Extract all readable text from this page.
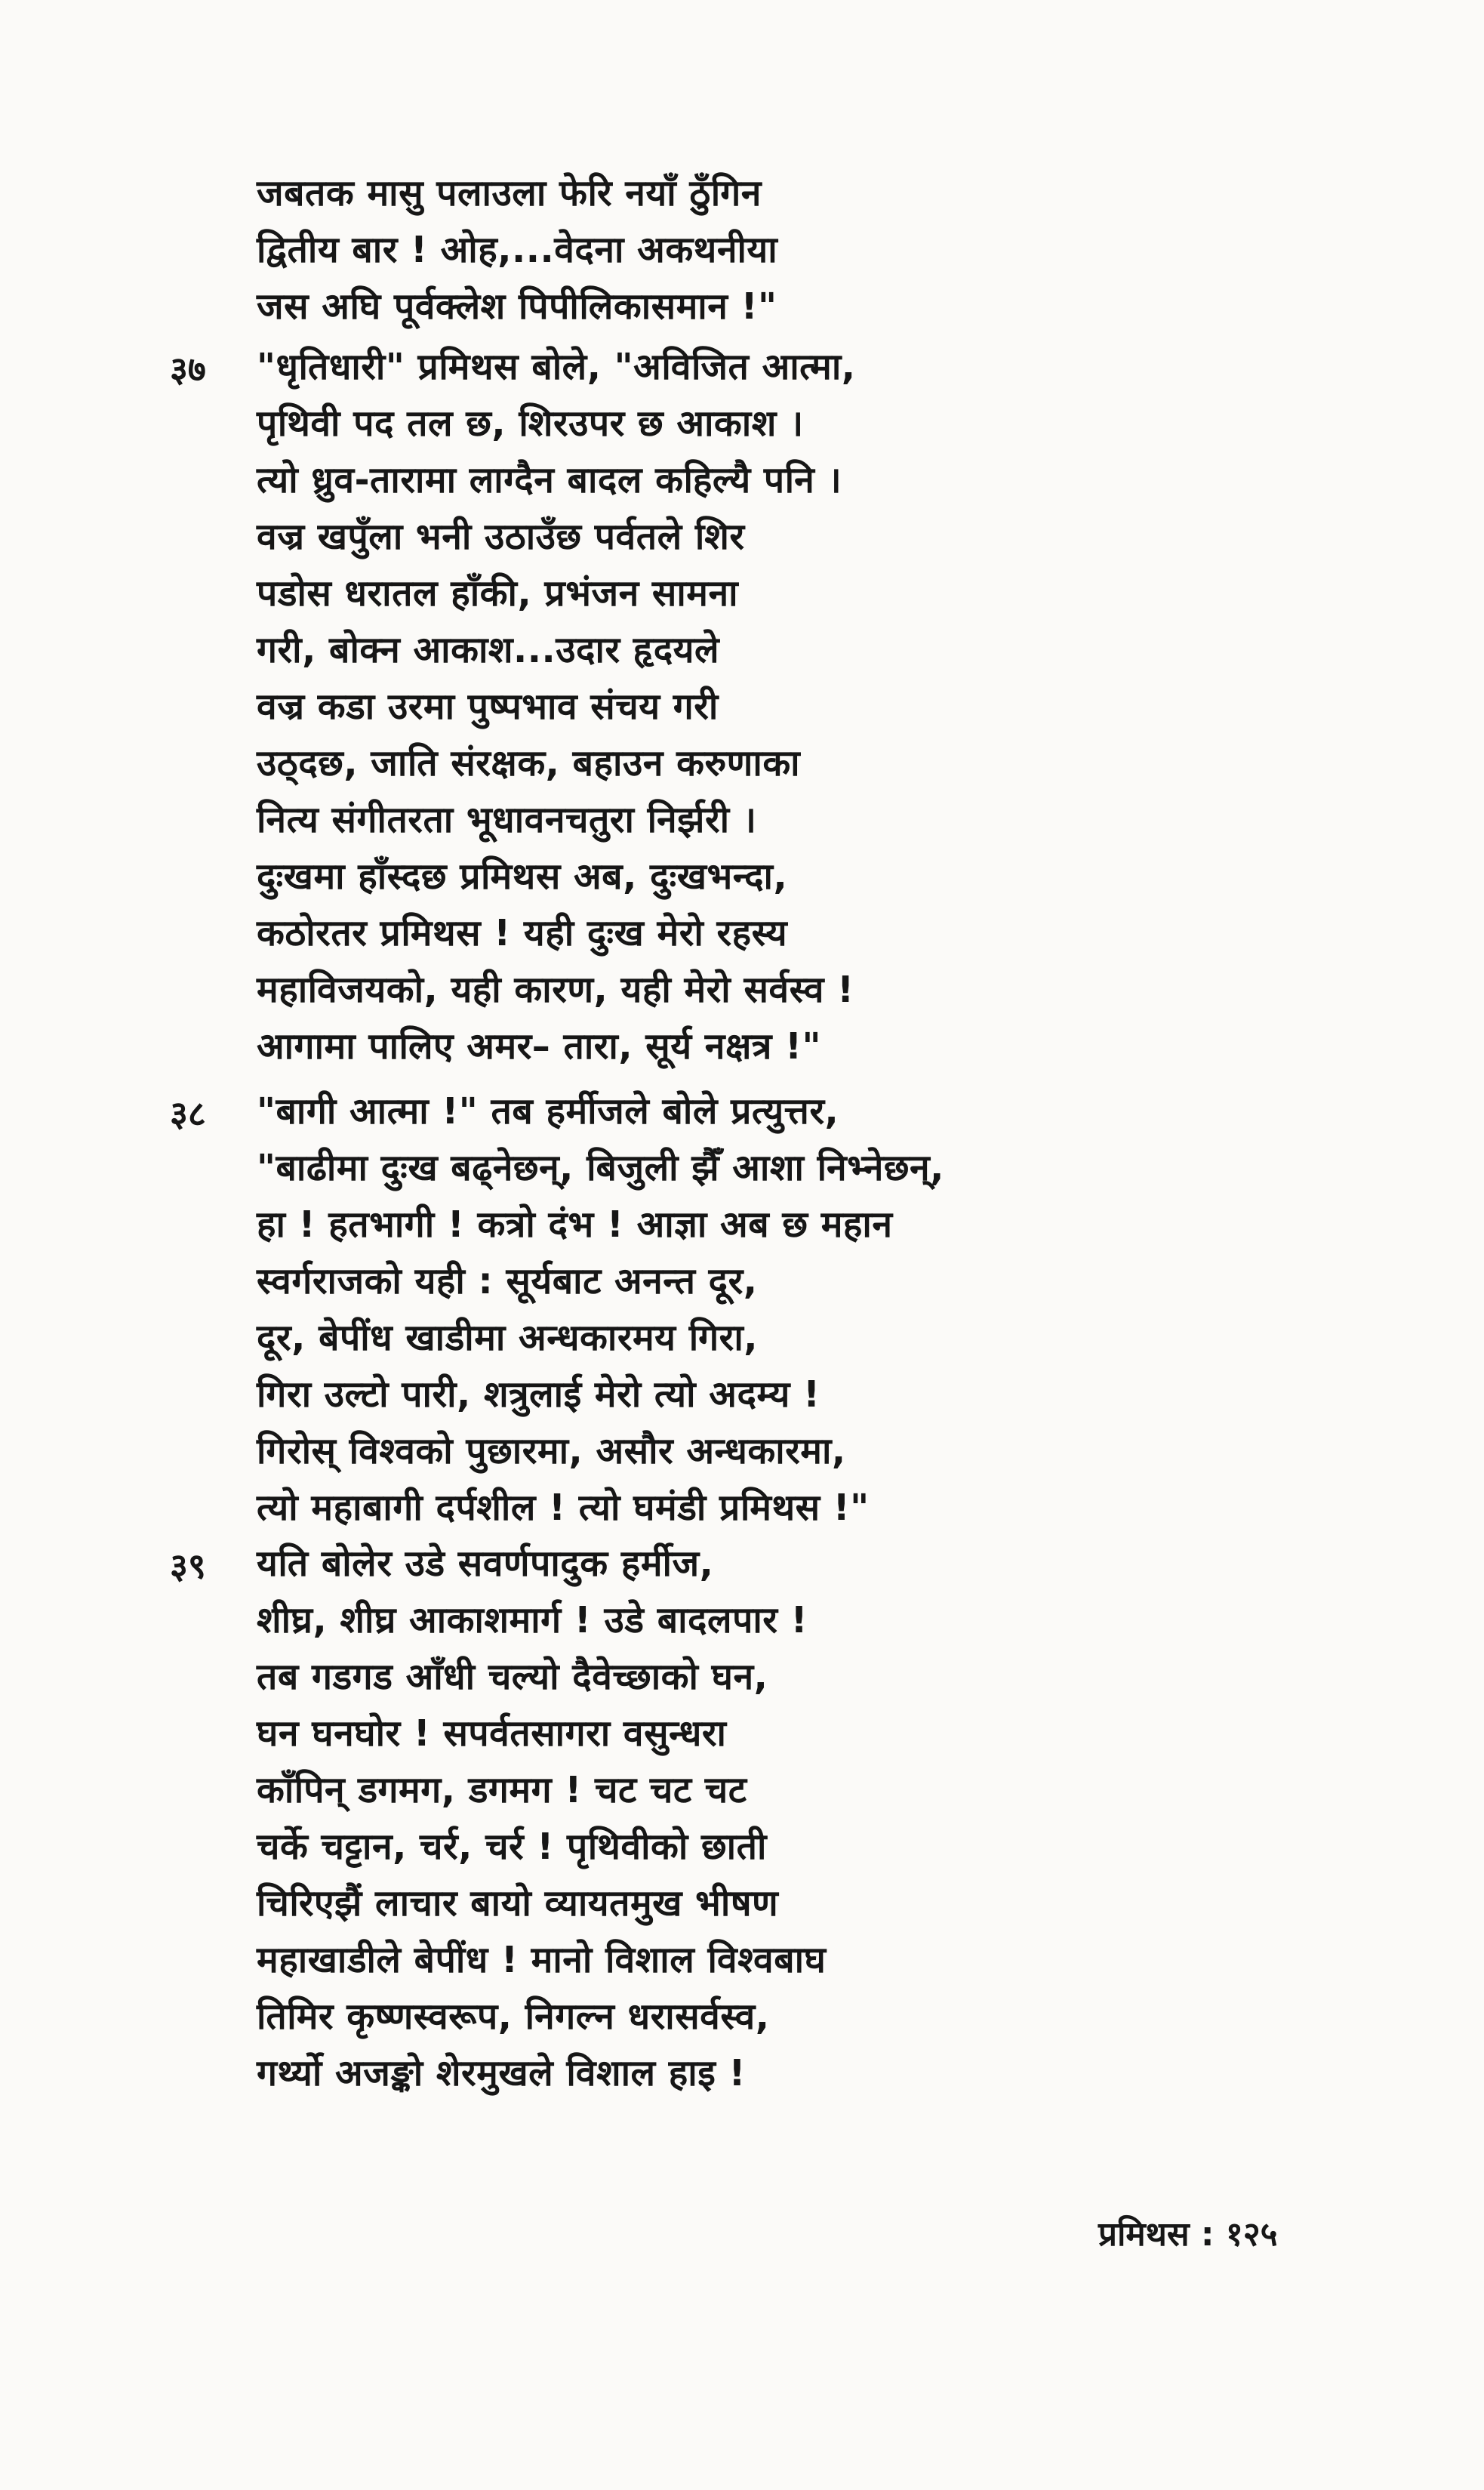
३७
३८
३९
जबतक मासु पलाउला फेरि नयाँ ठुँगिन
द्वितीय बार ! ओह,...वेदना अकथनीया
जस अघि पूर्वक्लेश पिपीलिकासमान !"
"धृतिधारी" प्रमिथस बोले, "अविजित आत्मा,
पृथिवी पद तल छ, शिरउपर छ आकाश ।
त्यो ध्रुव-तारामा लाग्दैन बादल कहिल्यै पनि ।
वज्र खपुँला भनी उठाउँछ पर्वतले शिर
पडोस धरातल हाँकी, प्रभंजन सामना
गरी, बोक्न आकाश...उदार हृदयले
वज्र कडा उरमा पुष्पभाव संचय गरी
उठ्दछ, जाति संरक्षक, बहाउन करुणाका
नित्य संगीतरता भूधावनचतुरा निर्झरी ।
दुःखमा हाँस्दछ प्रमिथस अब, दुःखभन्दा,
कठोरतर प्रमिथस ! यही दुःख मेरो रहस्य
महाविजयको, यही कारण, यही मेरो सर्वस्व !
आगामा पालिए अमर– तारा, सूर्य नक्षत्र !"
"बागी आत्मा !" तब हर्मीजले बोले प्रत्युत्तर,
"बाढीमा दुःख बढ्नेछन्, बिजुली झैँ आशा निभ्नेछन्,
हा ! हतभागी ! कत्रो दंभ ! आज्ञा अब छ महान
स्वर्गराजको यही : सूर्यबाट अनन्त दूर,
दूर, बेपींध खाडीमा अन्धकारमय गिरा,
गिरा उल्टो पारी, शत्रुलाई मेरो त्यो अदम्य !
गिरोस् विश्वको पुछारमा, असौर अन्धकारमा,
त्यो महाबागी दर्पशील ! त्यो घमंडी प्रमिथस !"
यति बोलेर उडे सवर्णपादुक हर्मीज,
शीघ्र, शीघ्र आकाशमार्ग ! उडे बादलपार !
तब गडगड आँधी चल्यो दैवेच्छाको घन,
घन घनघोर ! सपर्वतसागरा वसुन्धरा
काँपिन् डगमग, डगमग ! चट चट चट
चर्के चट्टान, चर्र, चर्र ! पृथिवीको छाती
चिरिएझैं लाचार बायो व्यायतमुख भीषण
महाखाडीले बेपींध ! मानो विशाल विश्वबाघ
तिमिर कृष्णस्वरूप, निगल्न धरासर्वस्व,
गर्थ्यो अजङ्को शेरमुखले विशाल हाइ !
प्रमिथस : १२५
